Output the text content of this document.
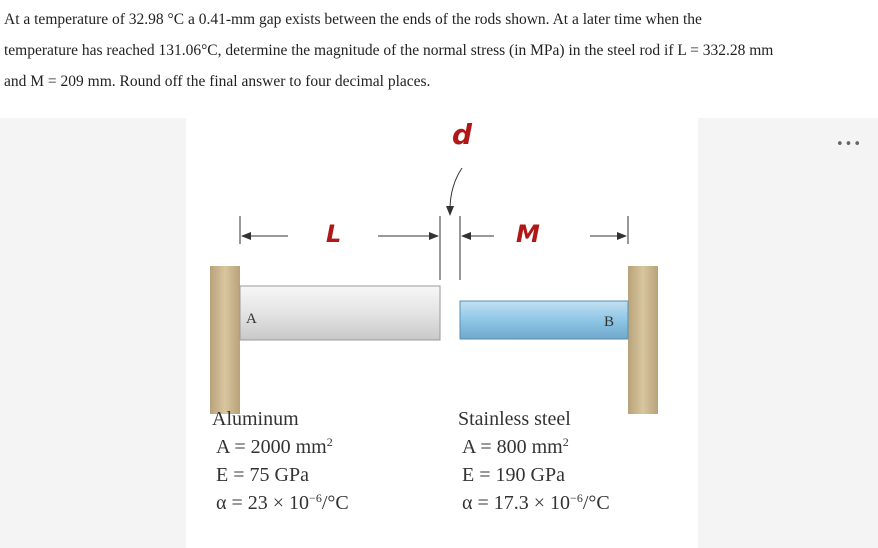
At a temperature of 32.98 °C a 0.41-mm gap exists between the ends of the rods shown. At a later time when the

temperature has reached 131.06°C, determine the magnitude of the normal stress (in MPa) in the steel rod if L = 332.28 mm

and M = 209 mm. Round off the final answer to four decimal places.

•••
d
L	M
A	B
Aluminum
A = 2000 $mm^2$
E = 75 GPa
$\alpha = 23 \times 10^{-6}/^\circ C$
Stainless steel
A = 800 $mm^2$
E = 190 GPa
$\alpha = 17.3 \times 10^{-6}/^\circ C$
